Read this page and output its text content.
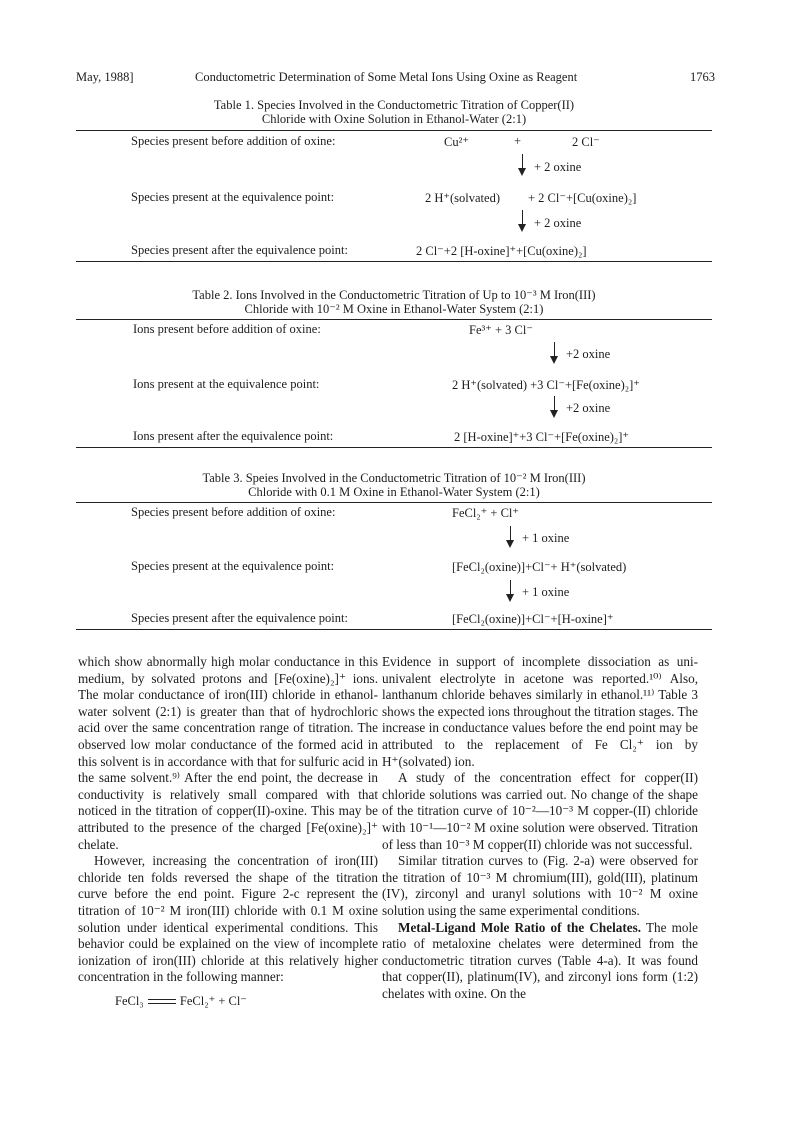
May, 1988]	Conductometric Determination of Some Metal Ions Using Oxine as Reagent	1763
Table 1. Species Involved in the Conductometric Titration of Copper(II)
Chloride with Oxine Solution in Ethanol-Water (2:1)
Species present before addition of oxine:	Cu²⁺	+	2 Cl⁻
+ 2 oxine
Species present at the equivalence point:	2 H⁺(solvated) + 2 Cl⁻+[Cu(oxine)₂]
+ 2 oxine
Species present after the equivalence point:	2 Cl⁻+2 [H-oxine]⁺+[Cu(oxine)₂]
Table 2. Ions Involved in the Conductometric Titration of Up to 10⁻³ M Iron(III)
Chloride with 10⁻² M Oxine in Ethanol-Water System (2:1)
Ions present before addition of oxine:	Fe³⁺ + 3 Cl⁻
+2 oxine
Ions present at the equivalence point:	2 H⁺(solvated) +3 Cl⁻+[Fe(oxine)₂]⁺
+2 oxine
Ions present after the equivalence point:	2 [H-oxine]⁺+3 Cl⁻+[Fe(oxine)₂]⁺
Table 3. Speies Involved in the Conductometric Titration of 10⁻² M Iron(III)
Chloride with 0.1 M Oxine in Ethanol-Water System (2:1)
Species present before addition of oxine:	FeCl₂⁺ + Cl⁺
+ 1 oxine
Species present at the equivalence point:	[FeCl₂(oxine)]+Cl⁻+ H⁺(solvated)
+ 1 oxine
Species present after the equivalence point:	[FeCl₂(oxine)]+Cl⁻+[H-oxine]⁺

which show abnormally high molar conductance in this medium, by solvated protons and [Fe(oxine)₂]⁺ ions. The molar conductance of iron(III) chloride in ethanol-water solvent (2:1) is greater than that of hydrochloric acid over the same concentration range of titration. The observed low molar conductance of the formed acid in this solvent is in accordance with that for sulfuric acid in the same solvent.⁹⁾ After the end point, the decrease in conductivity is relatively small compared with that noticed in the titration of copper(II)-oxine. This may be attributed to the presence of the charged [Fe(oxine)₂]⁺ chelate.

However, increasing the concentration of iron(III) chloride ten folds reversed the shape of the titration curve before the end point. Figure 2-c represent the titration of 10⁻² M iron(III) chloride with 0.1 M oxine solution under identical experimental conditions. This behavior could be explained on the view of incomplete ionization of iron(III) chloride at this relatively higher concentration in the following manner:

FeCl₃	FeCl₂⁺ + Cl⁻

Evidence in support of incomplete dissociation as uni-univalent electrolyte in acetone was reported.¹⁰⁾ Also, lanthanum chloride behaves similarly in ethanol.¹¹⁾ Table 3 shows the expected ions throughout the titration stages. The increase in conductance values before the end point may be attributed to the replacement of Fe Cl₂⁺ ion by H⁺(solvated) ion.

A study of the concentration effect for copper(II) chloride solutions was carried out. No change of the shape of the titration curve of 10⁻²—10⁻³ M copper-(II) chloride with 10⁻¹—10⁻² M oxine solution were observed. Titration of less than 10⁻³ M copper(II) chloride was not successful.

Similar titration curves to (Fig. 2-a) were observed for the titration of 10⁻³ M chromium(III), gold(III), platinum (IV), zirconyl and uranyl solutions with 10⁻² M oxine solution using the same experimental conditions.

Metal-Ligand Mole Ratio of the Chelates. The mole ratio of metaloxine chelates were determined from the conductometric titration curves (Table 4-a). It was found that copper(II), platinum(IV), and zirconyl ions form (1:2) chelates with oxine. On the
